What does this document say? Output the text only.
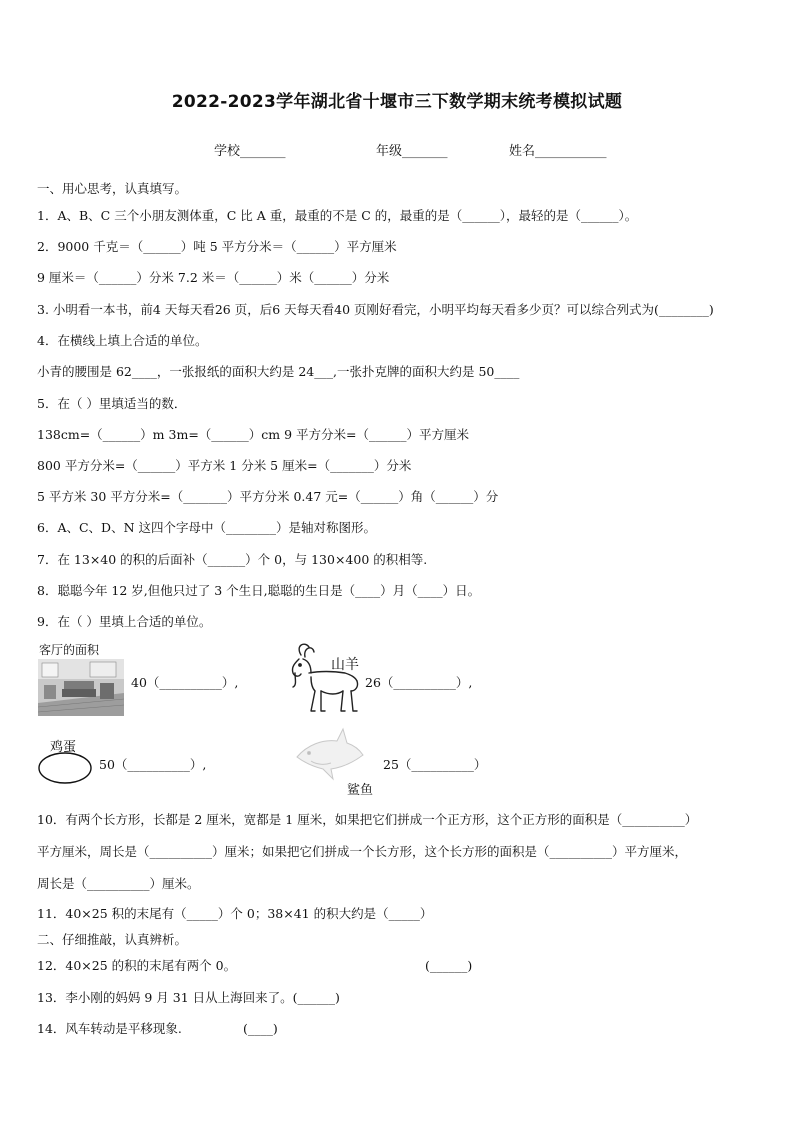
2022-2023学年湖北省十堰市三下数学期末统考模拟试题
学校_______	年级_______	姓名___________
一、用心思考，认真填写。
1．A、B、C 三个小朋友测体重，C 比 A 重，最重的不是 C 的，最重的是（______），最轻的是（______）。
2．9000 千克＝（______）吨 5 平方分米＝（______）平方厘米
9 厘米＝（______）分米 7.2 米＝（______）米（______）分米
3. 小明看一本书，前4 天每天看26 页，后6 天每天看40 页刚好看完，小明平均每天看多少页？可以综合列式为(________)
4．在横线上填上合适的单位。
小青的腰围是 62____，一张报纸的面积大约是 24___,一张扑克牌的面积大约是 50____
5．在（ ）里填适当的数．
138cm=（______）m 3m=（______）cm 9 平方分米=（______）平方厘米
800 平方分米=（______）平方米 1 分米 5 厘米=（_______）分米
5 平方米 30 平方分米=（_______）平方分米 0.47 元=（______）角（______）分
6．A、C、D、N 这四个字母中（________）是轴对称图形。
7．在 13×40 的积的后面补（______）个 0，与 130×400 的积相等.
8．聪聪今年 12 岁,但他只过了 3 个生日,聪聪的生日是（____）月（____）日。
9．在（ ）里填上合适的单位。
客厅的面积
40（__________）,
山羊
26（__________）,
鸡蛋
50（__________）,
鲨鱼
25（__________）
10．有两个长方形，长都是 2 厘米，宽都是 1 厘米，如果把它们拼成一个正方形，这个正方形的面积是（__________）
平方厘米，周长是（__________）厘米；如果把它们拼成一个长方形，这个长方形的面积是（__________）平方厘米，
周长是（__________）厘米。
11．40×25 积的末尾有（_____）个 0；38×41 的积大约是（_____）
二、仔细推敲，认真辨析。
12．40×25 的积的末尾有两个 0。	(______)
13．李小刚的妈妈 9 月 31 日从上海回来了。(______)
14．风车转动是平移现象.	(____)
